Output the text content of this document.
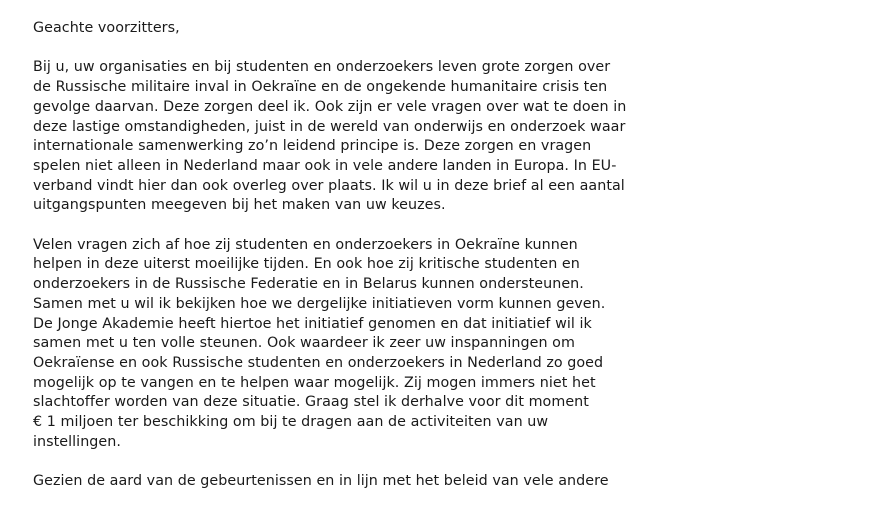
Geachte voorzitters,
Bij u, uw organisaties en bij studenten en onderzoekers leven grote zorgen over
de Russische militaire inval in Oekraïne en de ongekende humanitaire crisis ten
gevolge daarvan. Deze zorgen deel ik. Ook zijn er vele vragen over wat te doen in
deze lastige omstandigheden, juist in de wereld van onderwijs en onderzoek waar
internationale samenwerking zo’n leidend principe is. Deze zorgen en vragen
spelen niet alleen in Nederland maar ook in vele andere landen in Europa. In EU-
verband vindt hier dan ook overleg over plaats. Ik wil u in deze brief al een aantal
uitgangspunten meegeven bij het maken van uw keuzes.
Velen vragen zich af hoe zij studenten en onderzoekers in Oekraïne kunnen
helpen in deze uiterst moeilijke tijden. En ook hoe zij kritische studenten en
onderzoekers in de Russische Federatie en in Belarus kunnen ondersteunen.
Samen met u wil ik bekijken hoe we dergelijke initiatieven vorm kunnen geven.
De Jonge Akademie heeft hiertoe het initiatief genomen en dat initiatief wil ik
samen met u ten volle steunen. Ook waardeer ik zeer uw inspanningen om
Oekraïense en ook Russische studenten en onderzoekers in Nederland zo goed
mogelijk op te vangen en te helpen waar mogelijk. Zij mogen immers niet het
slachtoffer worden van deze situatie. Graag stel ik derhalve voor dit moment
€ 1 miljoen ter beschikking om bij te dragen aan de activiteiten van uw
instellingen.
Gezien de aard van de gebeurtenissen en in lijn met het beleid van vele andere
